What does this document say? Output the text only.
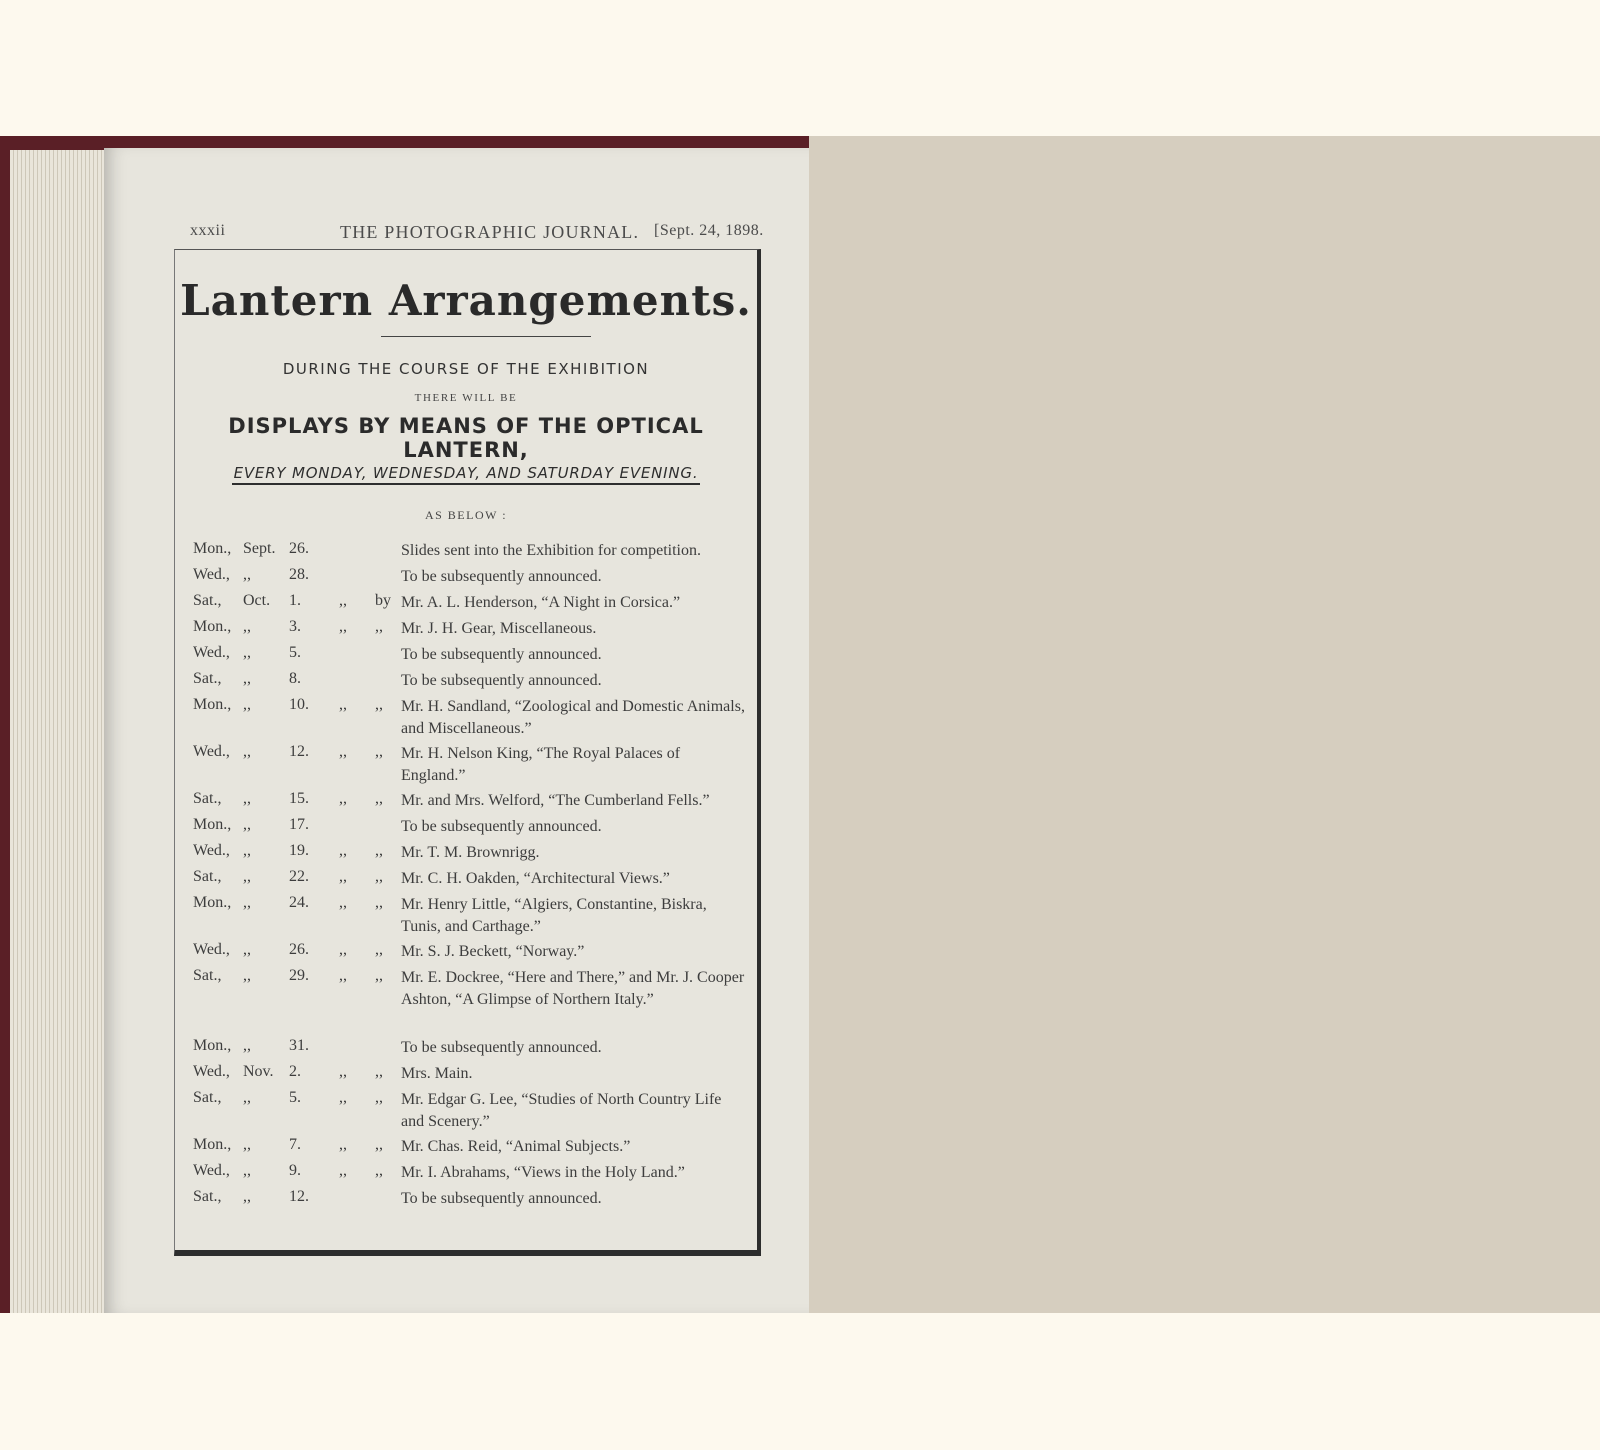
xxxii	THE PHOTOGRAPHIC JOURNAL. [Sept. 24, 1898.
Lantern Arrangements.
DURING THE COURSE OF THE EXHIBITION
THERE WILL BE
DISPLAYS BY MEANS OF THE OPTICAL LANTERN,
EVERY MONDAY, WEDNESDAY, AND SATURDAY EVENING.
AS BELOW :
Mon., Sept. 26.	Slides sent into the Exhibition for competition.
Wed., ,,	28.	To be subsequently announced.
Sat.,	Oct.	1.	,,	by Mr. A. L. Henderson, “A Night in Corsica.”
Mon., ,,	3.	,,	,,	Mr. J. H. Gear, Miscellaneous.
Wed., ,,	5.	To be subsequently announced.
Sat.,	,,	8.	To be subsequently announced.
Mon., ,,	10.	,,	,,	Mr. H. Sandland, “Zoological and Domestic Animals, and Miscellaneous.”
Wed., ,,	12.	,,	,,	Mr. H. Nelson King, “The Royal Palaces of England.”
Sat.,	,,	15.	,,	,,	Mr. and Mrs. Welford, “The Cumberland Fells.”
Mon., ,,	17.	To be subsequently announced.
Wed., ,,	19.	,,	,,	Mr. T. M. Brownrigg.
Sat.,	,,	22.	,,	,,	Mr. C. H. Oakden, “Architectural Views.”
Mon., ,,	24.	,,	,,	Mr. Henry Little, “Algiers, Constantine, Biskra, Tunis, and Carthage.”
Wed., ,,	26.	,,	,,	Mr. S. J. Beckett, “Norway.”
Sat.,	,,	29.	,,	,,	Mr. E. Dockree, “Here and There,” and Mr. J. Cooper Ashton, “A Glimpse of Northern Italy.”
Mon., ,,	31.	To be subsequently announced.
Wed., Nov. 2.	,,	,,	Mrs. Main.
Sat.,	,,	5.	,,	,,	Mr. Edgar G. Lee, “Studies of North Country Life and Scenery.”
Mon., ,,	7.	,,	,,	Mr. Chas. Reid, “Animal Subjects.”
Wed., ,,	9.	,,	,,	Mr. I. Abrahams, “Views in the Holy Land.”
Sat.,	,,	12.	To be subsequently announced.
